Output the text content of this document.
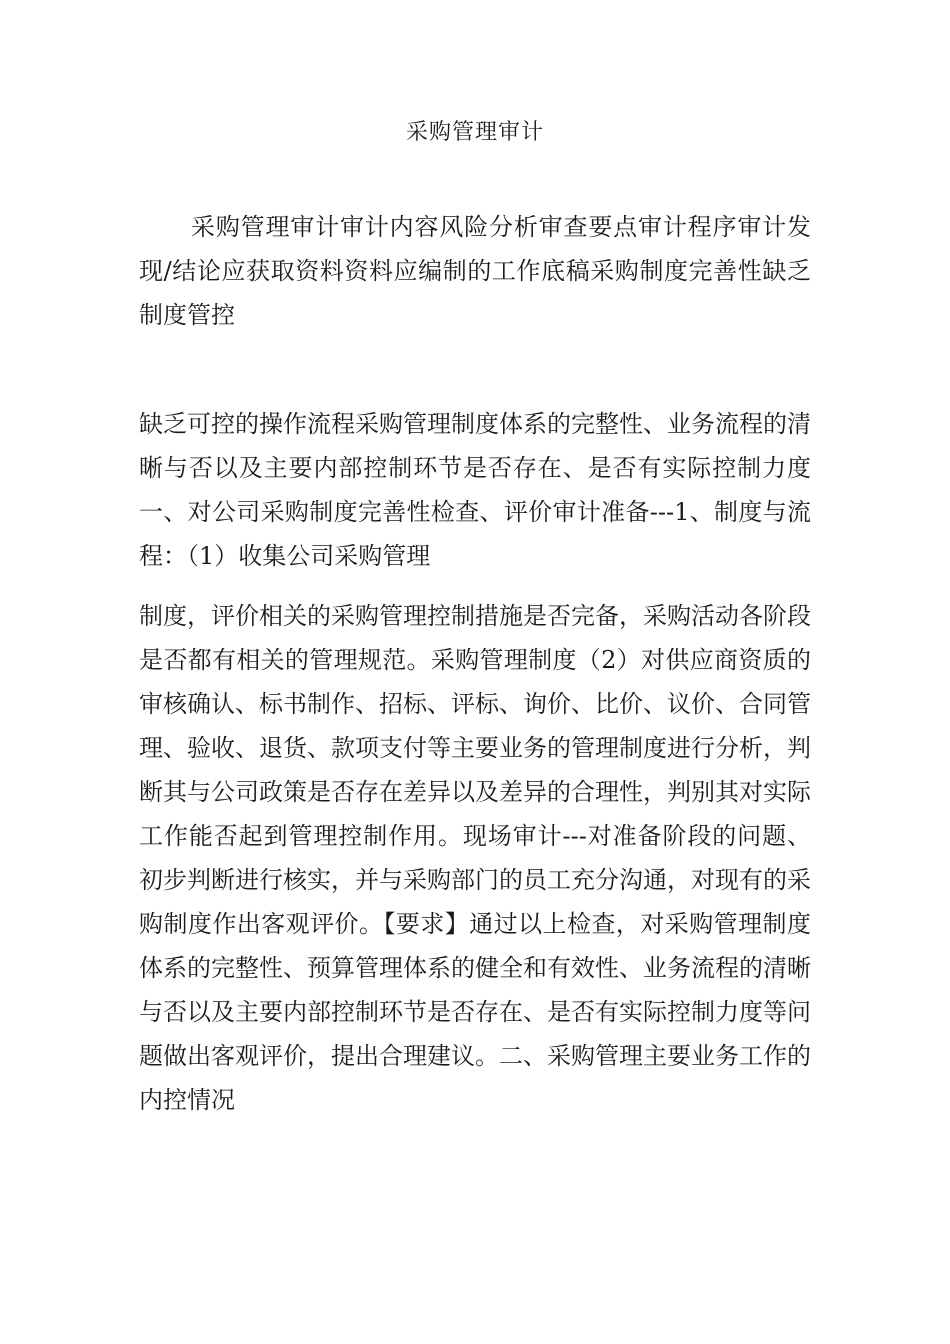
采购管理审计

采购管理审计审计内容风险分析审查要点审计程序审计发现/结论应获取资料资料应编制的工作底稿采购制度完善性缺乏制度管控

缺乏可控的操作流程采购管理制度体系的完整性、业务流程的清晰与否以及主要内部控制环节是否存在、是否有实际控制力度一、对公司采购制度完善性检查、评价审计准备---1、制度与流程：（1）收集公司采购管理

制度，评价相关的采购管理控制措施是否完备，采购活动各阶段是否都有相关的管理规范。采购管理制度（2）对供应商资质的审核确认、标书制作、招标、评标、询价、比价、议价、合同管理、验收、退货、款项支付等主要业务的管理制度进行分析，判断其与公司政策是否存在差异以及差异的合理性，判别其对实际工作能否起到管理控制作用。现场审计---对准备阶段的问题、初步判断进行核实，并与采购部门的员工充分沟通，对现有的采购制度作出客观评价。【要求】通过以上检查，对采购管理制度体系的完整性、预算管理体系的健全和有效性、业务流程的清晰与否以及主要内部控制环节是否存在、是否有实际控制力度等问题做出客观评价，提出合理建议。二、采购管理主要业务工作的内控情况
